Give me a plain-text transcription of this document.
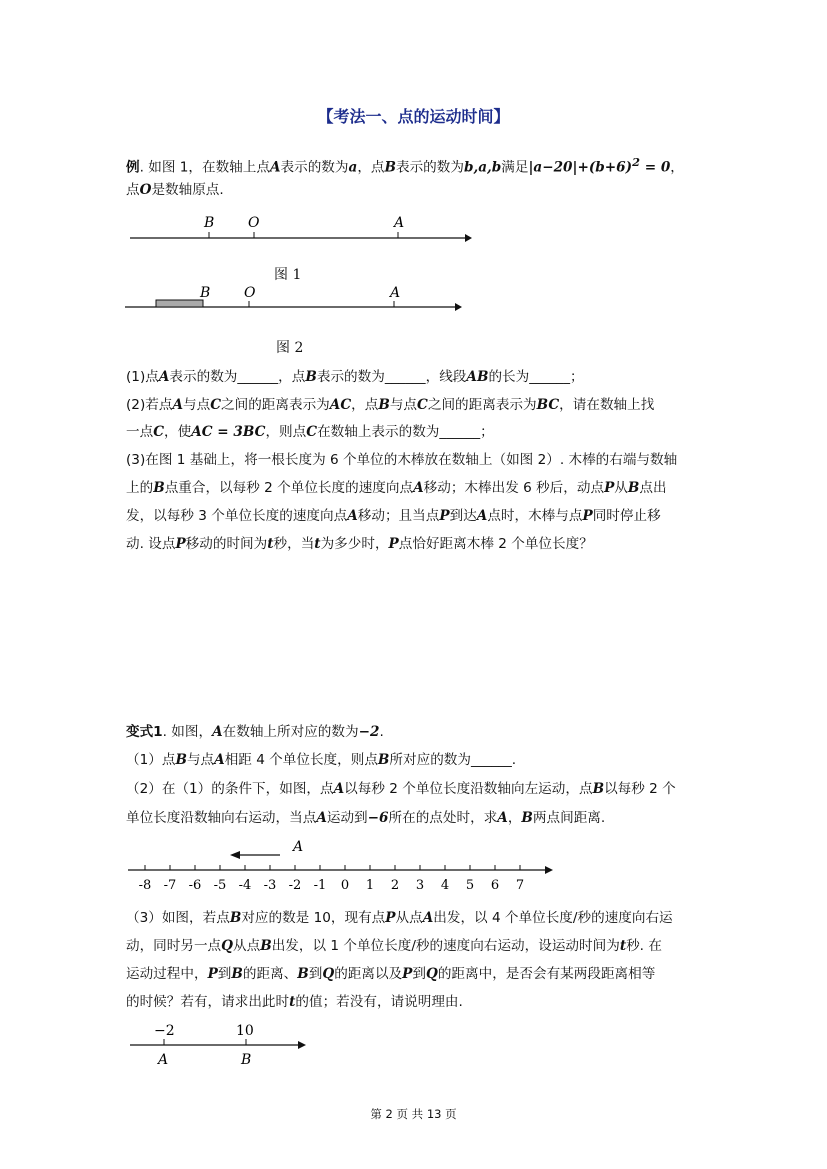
【考法一、点的运动时间】
例. 如图 1，在数轴上点A表示的数为a，点B表示的数为b,a,b满足$|a-20|+(b+6)^2 = 0$，
点O是数轴原点.
B O	A
图 1
B O	A
图 2
(1)点A表示的数为______，点B表示的数为______，线段AB的长为______；
(2)若点A与点C之间的距离表示为AC，点B与点C之间的距离表示为BC，请在数轴上找
一点C，使AC = 3BC，则点C在数轴上表示的数为______；
(3)在图 1 基础上，将一根长度为 6 个单位的木棒放在数轴上（如图 2）. 木棒的右端与数轴
上的B点重合，以每秒 2 个单位长度的速度向点A移动；木棒出发 6 秒后，动点P从B点出
发，以每秒 3 个单位长度的速度向点A移动；且当点P到达A点时，木棒与点P同时停止移
动. 设点P移动的时间为t秒，当t为多少时，P点恰好距离木棒 2 个单位长度？
变式1. 如图，A在数轴上所对应的数为−2.
（1）点B与点A相距 4 个单位长度，则点B所对应的数为______.
（2）在（1）的条件下，如图，点A以每秒 2 个单位长度沿数轴向左运动，点B以每秒 2 个
单位长度沿数轴向右运动，当点A运动到−6所在的点处时，求A，B两点间距离.
A
-8 -7 -6 -5 -4 -3 -2 -1 0 1 2 3 4 5 6 7
（3）如图，若点B对应的数是 10，现有点P从点A出发，以 4 个单位长度/秒的速度向右运
动，同时另一点Q从点B出发，以 1 个单位长度/秒的速度向右运动，设运动时间为t秒. 在
运动过程中，P到B的距离、B到Q的距离以及P到Q的距离中，是否会有某两段距离相等
的时候？若有，请求出此时t的值；若没有，请说明理由.
−2	10
A	B
第 2 页 共 13 页
